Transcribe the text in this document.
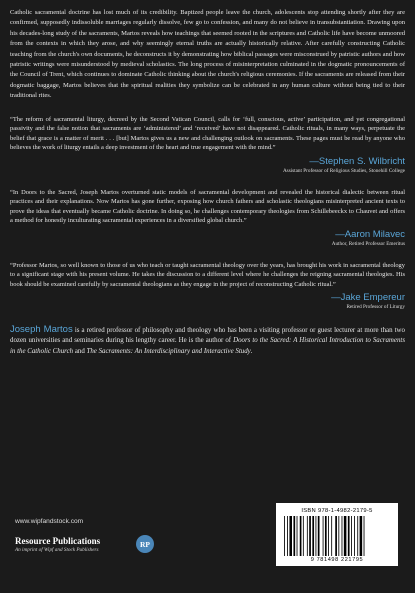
Catholic sacramental doctrine has lost much of its credibility. Baptized people leave the church, adolescents stop attending shortly after they are confirmed, supposedly indissoluble marriages regularly dissolve, few go to confession, and many do not believe in transubstantiation. Drawing upon his decades-long study of the sacraments, Martos reveals how teachings that seemed rooted in the scriptures and Catholic life have become unmoored from the contexts in which they arose, and why seemingly eternal truths are actually historically relative. After carefully constructing Catholic teaching from the church's own documents, he deconstructs it by demonstrating how biblical passages were misconstrued by patristic authors and how patristic writings were misunderstood by medieval scholastics. The long process of misinterpretation culminated in the dogmatic pronouncements of the Council of Trent, which continues to dominate Catholic thinking about the church's religious ceremonies. If the sacraments are released from their dogmatic baggage, Martos believes that the spiritual realities they symbolize can be celebrated in any human culture without being tied to their traditional rites.

“The reform of sacramental liturgy, decreed by the Second Vatican Council, calls for ‘full, conscious, active’ participation, and yet congregational passivity and the false notion that sacraments are ‘administered’ and ‘received’ have not disappeared. Catholic rituals, in many ways, perpetuate the belief that grace is a matter of merit . . . [but] Martos gives us a new and challenging outlook on sacraments. These pages must be read by anyone who believes the work of liturgy entails a deep investment of the heart and true engagement with the mind.”

—Stephen S. Wilbricht
Assistant Professor of Religious Studies, Stonehill College

“In Doors to the Sacred, Joseph Martos overturned static models of sacramental development and revealed the historical dialectic between ritual practices and their explanations. Now Martos has gone further, exposing how church fathers and scholastic theologians misinterpreted ancient texts to prove the ideas that eventually became Catholic doctrine. In doing so, he challenges contemporary theologies from Schillebeeckx to Chauvet and offers a method for honestly inculturating sacramental experiences in a diversified global church.”

—Aaron Milavec
Author, Retired Professor Emeritus

“Professor Martos, so well known to those of us who teach or taught sacramental theology over the years, has brought his work in sacramental theology to a significant stage with his present volume. He takes the discussion to a different level where he challenges the reigning sacramental theologies. His book should be examined carefully by sacramental theologians as they engage in the project of reconstructing Catholic ritual.”

—Jake Empereur
Retired Professor of Liturgy

Joseph Martos is a retired professor of philosophy and theology who has been a visiting professor or guest lecturer at more than two dozen universities and seminaries during his lengthy career. He is the author of Doors to the Sacred: A Historical Introduction to Sacraments in the Catholic Church and The Sacraments: An Interdisciplinary and Interactive Study.

www.wipfandstock.com
Resource Publications
An imprint of Wipf and Stock Publishers
RP
ISBN 978-1-4982-2179-5
9 781498 221795
